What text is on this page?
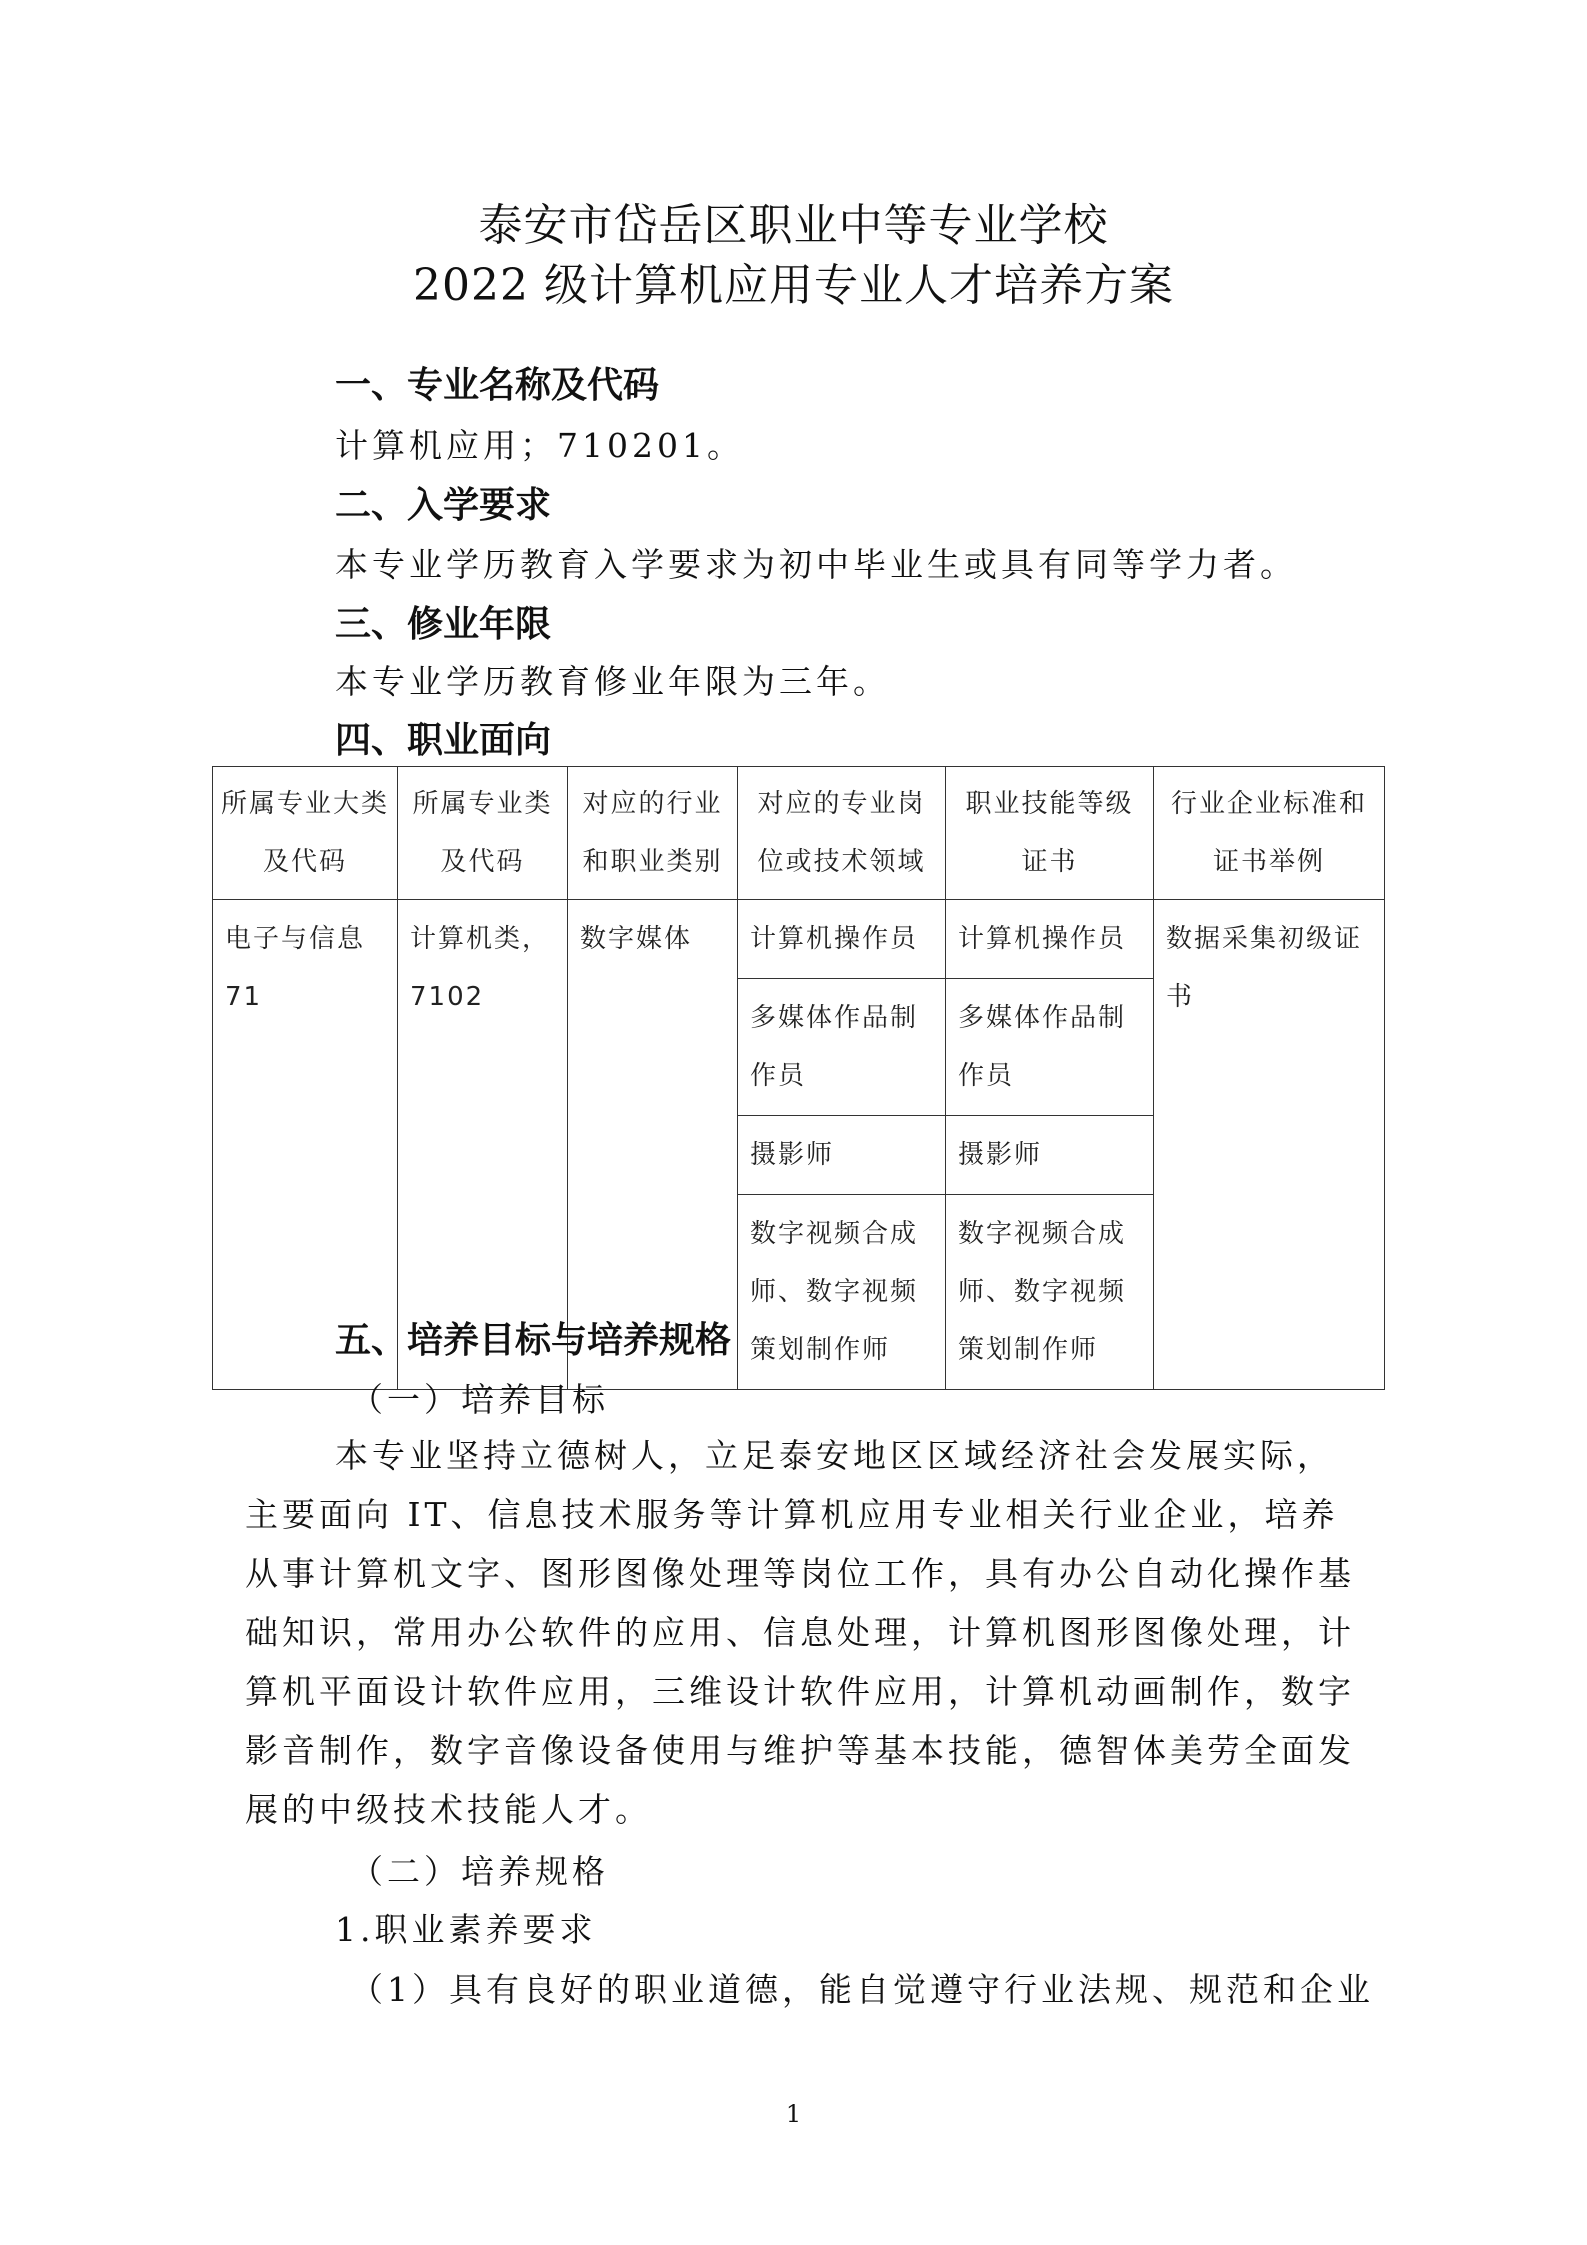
泰安市岱岳区职业中等专业学校
2022 级计算机应用专业人才培养方案
一、专业名称及代码
计算机应用；710201。
二、入学要求
本专业学历教育入学要求为初中毕业生或具有同等学力者。
三、修业年限
本专业学历教育修业年限为三年。
四、职业面向
所属专业大类及代码	所属专业类及代码	对应的行业和职业类别	对应的专业岗位或技术领域	职业技能等级证书	行业企业标准和证书举例
电子与信息 71	计算机类，7102	数字媒体	计算机操作员	计算机操作员	数据采集初级证书
			多媒体作品制作员	多媒体作品制作员	
			摄影师	摄影师	
			数字视频合成师、数字视频策划制作师	数字视频合成师、数字视频策划制作师	
五、培养目标与培养规格
（一）培养目标
本专业坚持立德树人，立足泰安地区区域经济社会发展实际，
主要面向 IT、信息技术服务等计算机应用专业相关行业企业，培养
从事计算机文字、图形图像处理等岗位工作，具有办公自动化操作基
础知识，常用办公软件的应用、信息处理，计算机图形图像处理，计
算机平面设计软件应用，三维设计软件应用，计算机动画制作，数字
影音制作，数字音像设备使用与维护等基本技能，德智体美劳全面发
展的中级技术技能人才。
（二）培养规格
1.职业素养要求
（1）具有良好的职业道德，能自觉遵守行业法规、规范和企业
1
